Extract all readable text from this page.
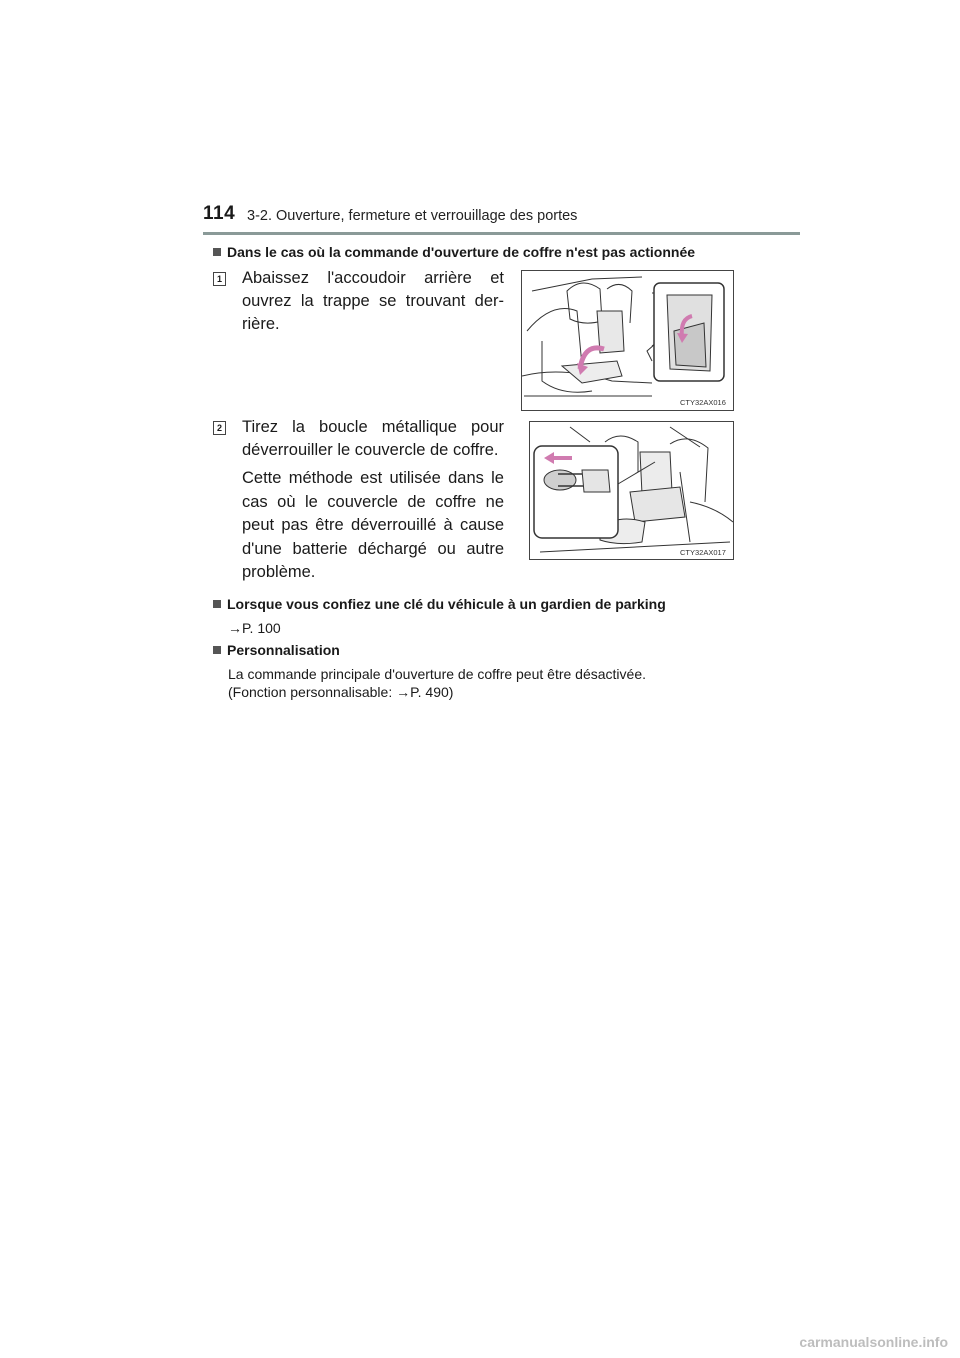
114 3-2. Ouverture, fermeture et verrouillage des portes
Dans le cas où la commande d'ouverture de coffre n'est pas actionnée
1 Abaissez l'accoudoir arrière et
ouvrez la trappe se trouvant der-
rière.
CTY32AX016
2 Tirez la boucle métallique pour
déverrouiller le couvercle de coffre.
Cette méthode est utilisée dans le cas où le couvercle de coffre ne peut pas être déverrouillé à cause d'une batterie déchargé ou autre problème.
CTY32AX017
Lorsque vous confiez une clé du véhicule à un gardien de parking
→P. 100
Personnalisation
La commande principale d'ouverture de coffre peut être désactivée.
(Fonction personnalisable: →P. 490)
carmanualsonline.info
